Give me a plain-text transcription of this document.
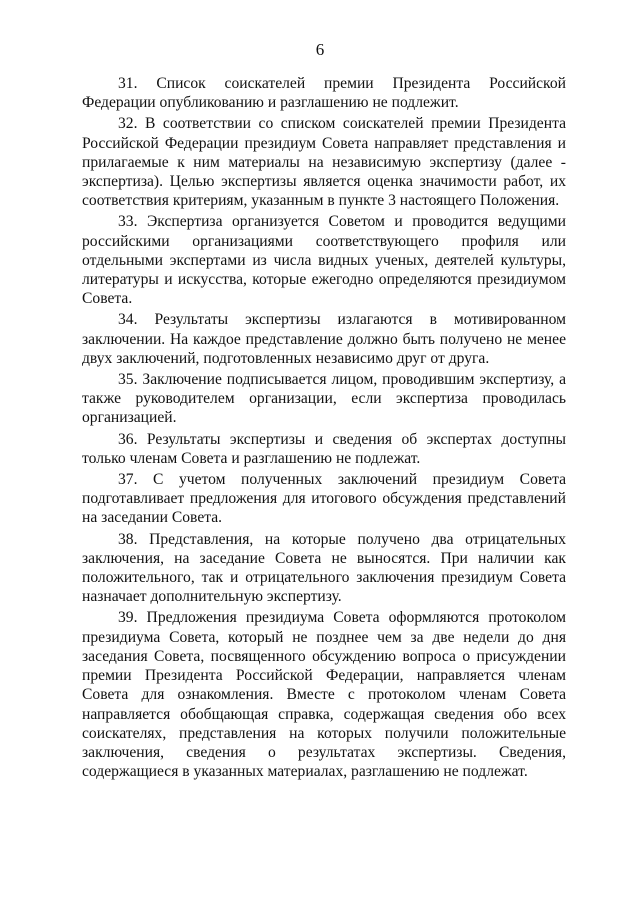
6

31. Список соискателей премии Президента Российской Федерации опубликованию и разглашению не подлежит.

32. В соответствии со списком соискателей премии Президента Российской Федерации президиум Совета направляет представления и прилагаемые к ним материалы на независимую экспертизу (далее - экспертиза). Целью экспертизы является оценка значимости работ, их соответствия критериям, указанным в пункте 3 настоящего Положения.

33. Экспертиза организуется Советом и проводится ведущими российскими организациями соответствующего профиля или отдельными экспертами из числа видных ученых, деятелей культуры, литературы и искусства, которые ежегодно определяются президиумом Совета.

34. Результаты экспертизы излагаются в мотивированном заключении. На каждое представление должно быть получено не менее двух заключений, подготовленных независимо друг от друга.

35. Заключение подписывается лицом, проводившим экспертизу, а также руководителем организации, если экспертиза проводилась организацией.

36. Результаты экспертизы и сведения об экспертах доступны только членам Совета и разглашению не подлежат.

37. С учетом полученных заключений президиум Совета подготавливает предложения для итогового обсуждения представлений на заседании Совета.

38. Представления, на которые получено два отрицательных заключения, на заседание Совета не выносятся. При наличии как положительного, так и отрицательного заключения президиум Совета назначает дополнительную экспертизу.

39. Предложения президиума Совета оформляются протоколом президиума Совета, который не позднее чем за две недели до дня заседания Совета, посвященного обсуждению вопроса о присуждении премии Президента Российской Федерации, направляется членам Совета для ознакомления. Вместе с протоколом членам Совета направляется обобщающая справка, содержащая сведения обо всех соискателях, представления на которых получили положительные заключения, сведения о результатах экспертизы. Сведения, содержащиеся в указанных материалах, разглашению не подлежат.
